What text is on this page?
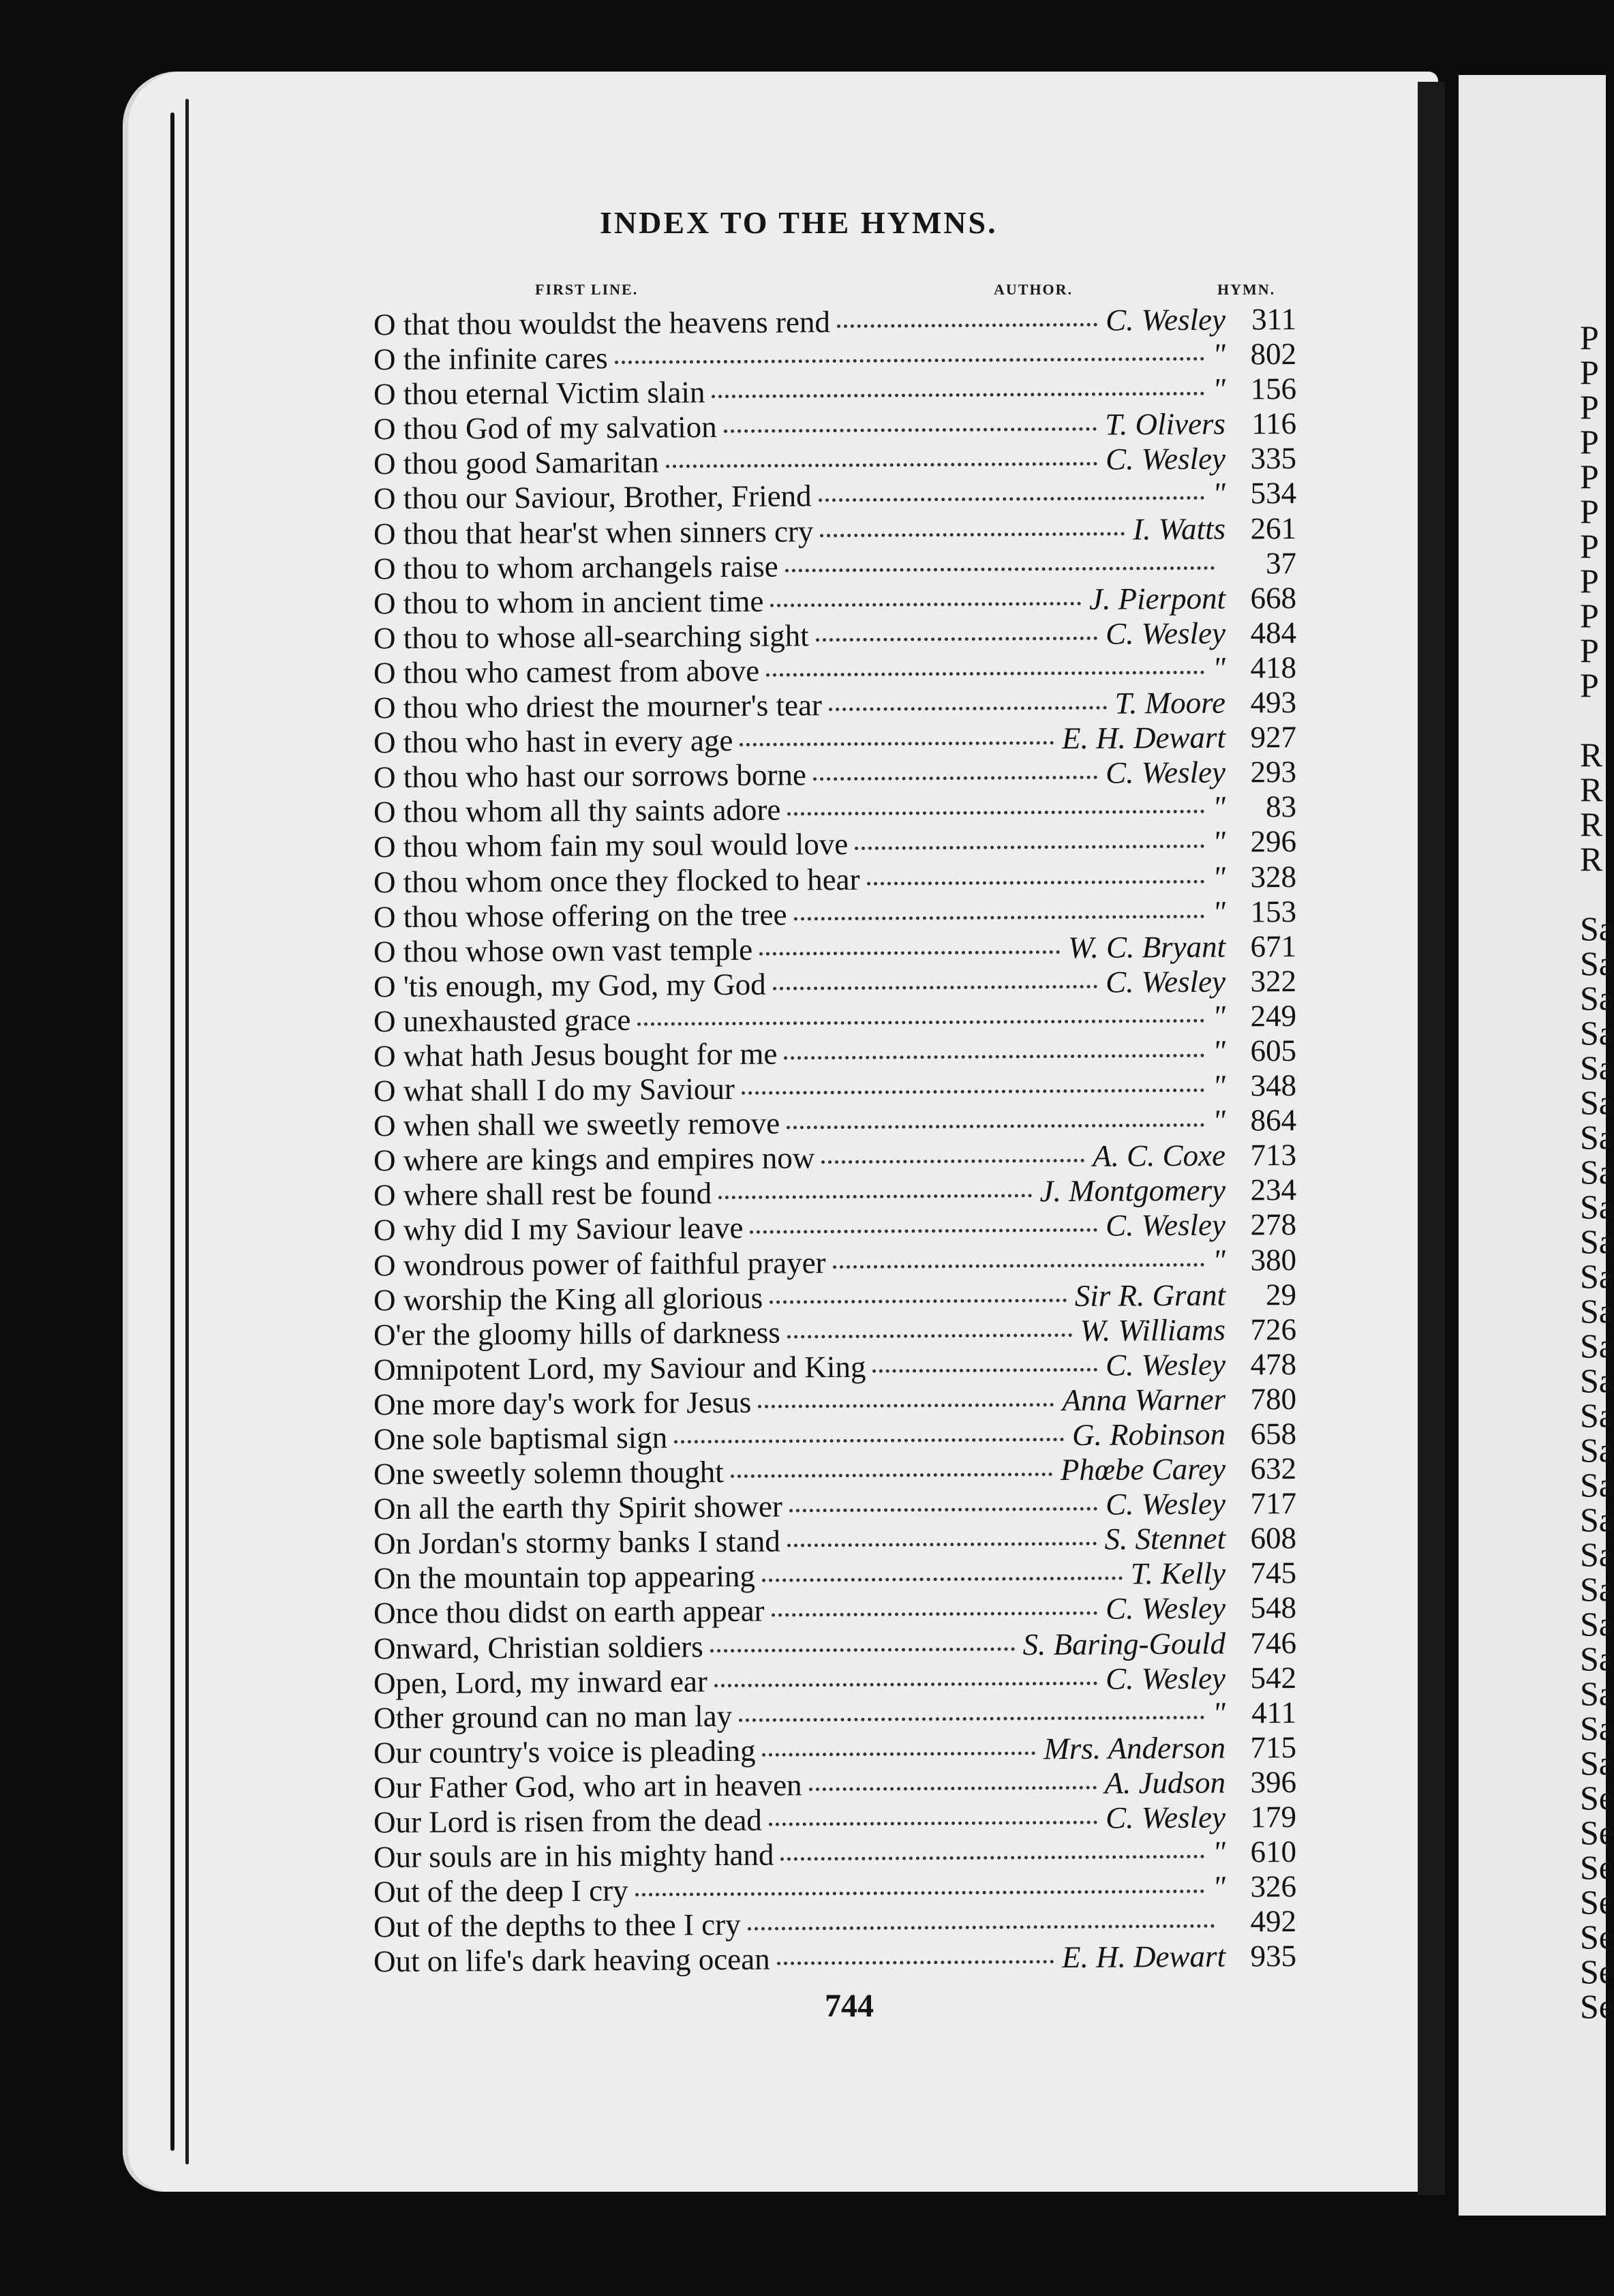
P
P
P
P
P
P
P
P
P
P
P
R
R
R
R
Sa
Sa
Sa
Sa
Sa
Sa
Sa
Sa
Sa
Sa
Sa
Sa
Sa
Sa
Sa
Sa
Sa
Sa
Sa
Sa
Sa
Sa
Sa
Sa
Sa
Se
Se
Se
Se
Se
Se
Se
INDEX TO THE HYMNS.
FIRST LINE.	AUTHOR.	HYMN.
O that thou wouldst the heavens rend	C. Wesley 311
O the infinite cares	" 802
O thou eternal Victim slain	" 156
O thou God of my salvation	T. Olivers 116
O thou good Samaritan	C. Wesley 335
O thou our Saviour, Brother, Friend	" 534
O thou that hear'st when sinners cry	I. Watts 261
O thou to whom archangels raise	37
O thou to whom in ancient time	J. Pierpont 668
O thou to whose all-searching sight	C. Wesley 484
O thou who camest from above	" 418
O thou who driest the mourner's tear	T. Moore 493
O thou who hast in every age	E. H. Dewart 927
O thou who hast our sorrows borne	C. Wesley 293
O thou whom all thy saints adore	"	83
O thou whom fain my soul would love	" 296
O thou whom once they flocked to hear	" 328
O thou whose offering on the tree	" 153
O thou whose own vast temple	W. C. Bryant 671
O 'tis enough, my God, my God	C. Wesley 322
O unexhausted grace	" 249
O what hath Jesus bought for me	" 605
O what shall I do my Saviour	" 348
O when shall we sweetly remove	" 864
O where are kings and empires now	A. C. Coxe 713
O where shall rest be found	J. Montgomery 234
O why did I my Saviour leave	C. Wesley 278
O wondrous power of faithful prayer	" 380
O worship the King all glorious	Sir R. Grant	29
O'er the gloomy hills of darkness	W. Williams 726
Omnipotent Lord, my Saviour and King	C. Wesley 478
One more day's work for Jesus	Anna Warner 780
One sole baptismal sign	G. Robinson 658
One sweetly solemn thought	Phœbe Carey 632
On all the earth thy Spirit shower	C. Wesley 717
On Jordan's stormy banks I stand	S. Stennet 608
On the mountain top appearing	T. Kelly 745
Once thou didst on earth appear	C. Wesley 548
Onward, Christian soldiers	S. Baring-Gould 746
Open, Lord, my inward ear	C. Wesley 542
Other ground can no man lay	" 411
Our country's voice is pleading	Mrs. Anderson 715
Our Father God, who art in heaven	A. Judson 396
Our Lord is risen from the dead	C. Wesley 179
Our souls are in his mighty hand	" 610
Out of the deep I cry	" 326
Out of the depths to thee I cry	492
Out on life's dark heaving ocean	E. H. Dewart 935
744
